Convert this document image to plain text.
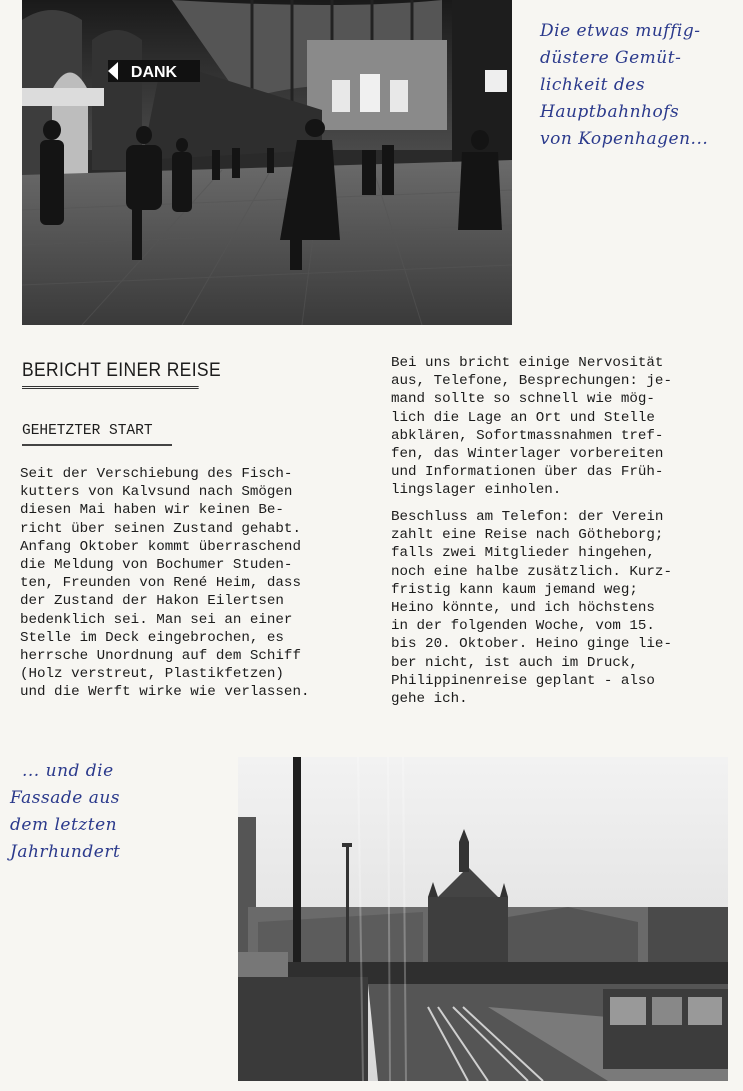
DANK
Die etwas muffig-
düstere Gemüt-
lichkeit des
Hauptbahnhofs
von Kopenhagen...
BERICHT EINER REISE
GEHETZTER START
Seit der Verschiebung des Fisch-
kutters von Kalvsund nach Smögen
diesen Mai haben wir keinen Be-
richt über seinen Zustand gehabt.
Anfang Oktober kommt überraschend
die Meldung von Bochumer Studen-
ten, Freunden von René Heim, dass
der Zustand der Hakon Eilertsen
bedenklich sei. Man sei an einer
Stelle im Deck eingebrochen, es
herrsche Unordnung auf dem Schiff
(Holz verstreut, Plastikfetzen)
und die Werft wirke wie verlassen.
Bei uns bricht einige Nervosität
aus, Telefone, Besprechungen: je-
mand sollte so schnell wie mög-
lich die Lage an Ort und Stelle
abklären, Sofortmassnahmen tref-
fen, das Winterlager vorbereiten
und Informationen über das Früh-
lingslager einholen.
Beschluss am Telefon: der Verein
zahlt eine Reise nach Götheborg;
falls zwei Mitglieder hingehen,
noch eine halbe zusätzlich. Kurz-
fristig kann kaum jemand weg;
Heino könnte, und ich höchstens
in der folgenden Woche, vom 15.
bis 20. Oktober. Heino ginge lie-
ber nicht, ist auch im Druck,
Philippinenreise geplant - also
gehe ich.
... und die
Fassade aus
dem letzten
Jahrhundert
